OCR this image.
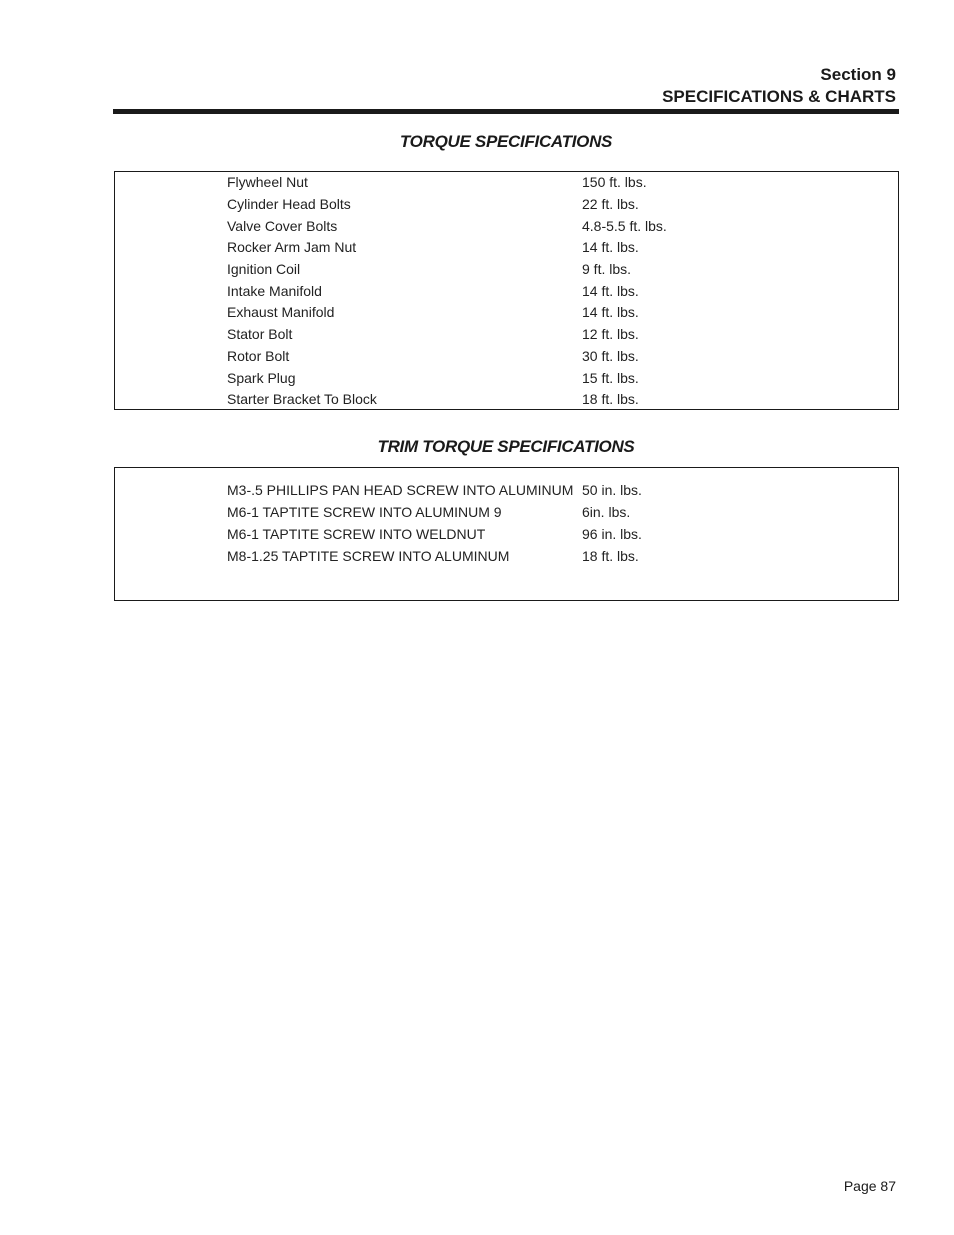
Section 9
SPECIFICATIONS & CHARTS
TORQUE SPECIFICATIONS
Flywheel Nut	150 ft. lbs.
Cylinder Head Bolts	22 ft. lbs.
Valve Cover Bolts	4.8-5.5 ft. lbs.
Rocker Arm Jam Nut	14 ft. lbs.
Ignition Coil	9 ft. lbs.
Intake Manifold	14 ft. lbs.
Exhaust Manifold	14 ft. lbs.
Stator Bolt	12 ft. lbs.
Rotor Bolt	30 ft. lbs.
Spark Plug	15 ft. lbs.
Starter Bracket To Block	18 ft. lbs.
TRIM TORQUE SPECIFICATIONS
M3-.5 PHILLIPS PAN HEAD SCREW INTO ALUMINUM 50 in. lbs.
M6-1 TAPTITE SCREW INTO ALUMINUM 9	6in. lbs.
M6-1 TAPTITE SCREW INTO WELDNUT	96 in. lbs.
M8-1.25 TAPTITE SCREW INTO ALUMINUM	18 ft. lbs.
Page 87
